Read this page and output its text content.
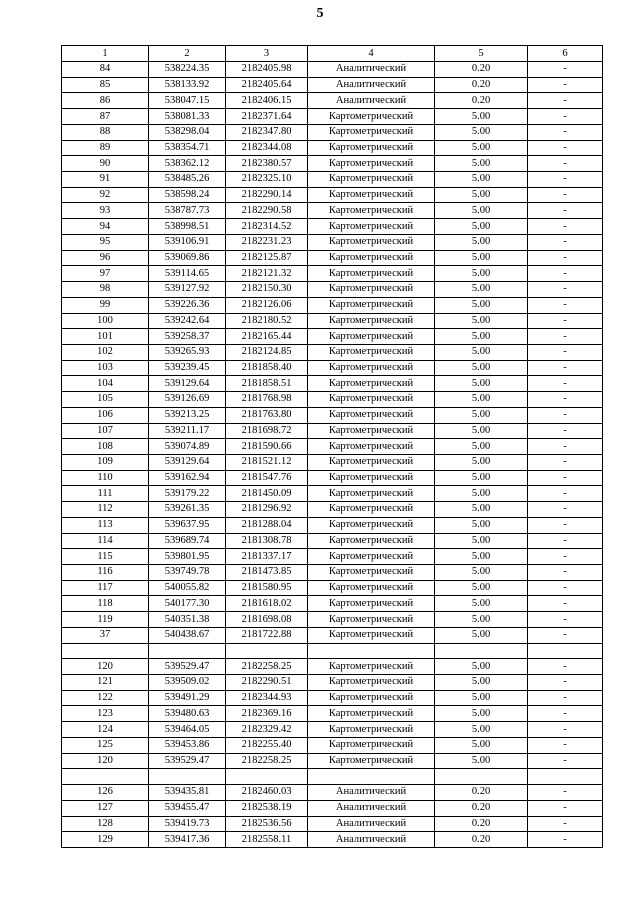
5
1	2	3	4	5	6
84	538224.35	2182405.98	Аналитический	0.20	-
85	538133.92	2182405.64	Аналитический	0.20	-
86	538047.15	2182406.15	Аналитический	0.20	-
87	538081.33	2182371.64	Картометрический	5.00	-
88	538298.04	2182347.80	Картометрический	5.00	-
89	538354.71	2182344.08	Картометрический	5.00	-
90	538362.12	2182380.57	Картометрический	5.00	-
91	538485.26	2182325.10	Картометрический	5.00	-
92	538598.24	2182290.14	Картометрический	5.00	-
93	538787.73	2182290.58	Картометрический	5.00	-
94	538998.51	2182314.52	Картометрический	5.00	-
95	539106.91	2182231.23	Картометрический	5.00	-
96	539069.86	2182125.87	Картометрический	5.00	-
97	539114.65	2182121.32	Картометрический	5.00	-
98	539127.92	2182150.30	Картометрический	5.00	-
99	539226.36	2182126.06	Картометрический	5.00	-
100	539242.64	2182180.52	Картометрический	5.00	-
101	539258.37	2182165.44	Картометрический	5.00	-
102	539265.93	2182124.85	Картометрический	5.00	-
103	539239.45	2181858.40	Картометрический	5.00	-
104	539129.64	2181858.51	Картометрический	5.00	-
105	539126.69	2181768.98	Картометрический	5.00	-
106	539213.25	2181763.80	Картометрический	5.00	-
107	539211.17	2181698.72	Картометрический	5.00	-
108	539074.89	2181590.66	Картометрический	5.00	-
109	539129.64	2181521.12	Картометрический	5.00	-
110	539162.94	2181547.76	Картометрический	5.00	-
111	539179.22	2181450.09	Картометрический	5.00	-
112	539261.35	2181296.92	Картометрический	5.00	-
113	539637.95	2181288.04	Картометрический	5.00	-
114	539689.74	2181308.78	Картометрический	5.00	-
115	539801.95	2181337.17	Картометрический	5.00	-
116	539749.78	2181473.85	Картометрический	5.00	-
117	540055.82	2181580.95	Картометрический	5.00	-
118	540177.30	2181618.02	Картометрический	5.00	-
119	540351.38	2181698.08	Картометрический	5.00	-
37	540438.67	2181722.88	Картометрический	5.00	-

120	539529.47	2182258.25	Картометрический	5.00	-
121	539509.02	2182290.51	Картометрический	5.00	-
122	539491.29	2182344.93	Картометрический	5.00	-
123	539480.63	2182369.16	Картометрический	5.00	-
124	539464.05	2182329.42	Картометрический	5.00	-
125	539453.86	2182255.40	Картометрический	5.00	-
120	539529.47	2182258.25	Картометрический	5.00	-

126	539435.81	2182460.03	Аналитический	0.20	-
127	539455.47	2182538.19	Аналитический	0.20	-
128	539419.73	2182536.56	Аналитический	0.20	-
129	539417.36	2182558.11	Аналитический	0.20	-
